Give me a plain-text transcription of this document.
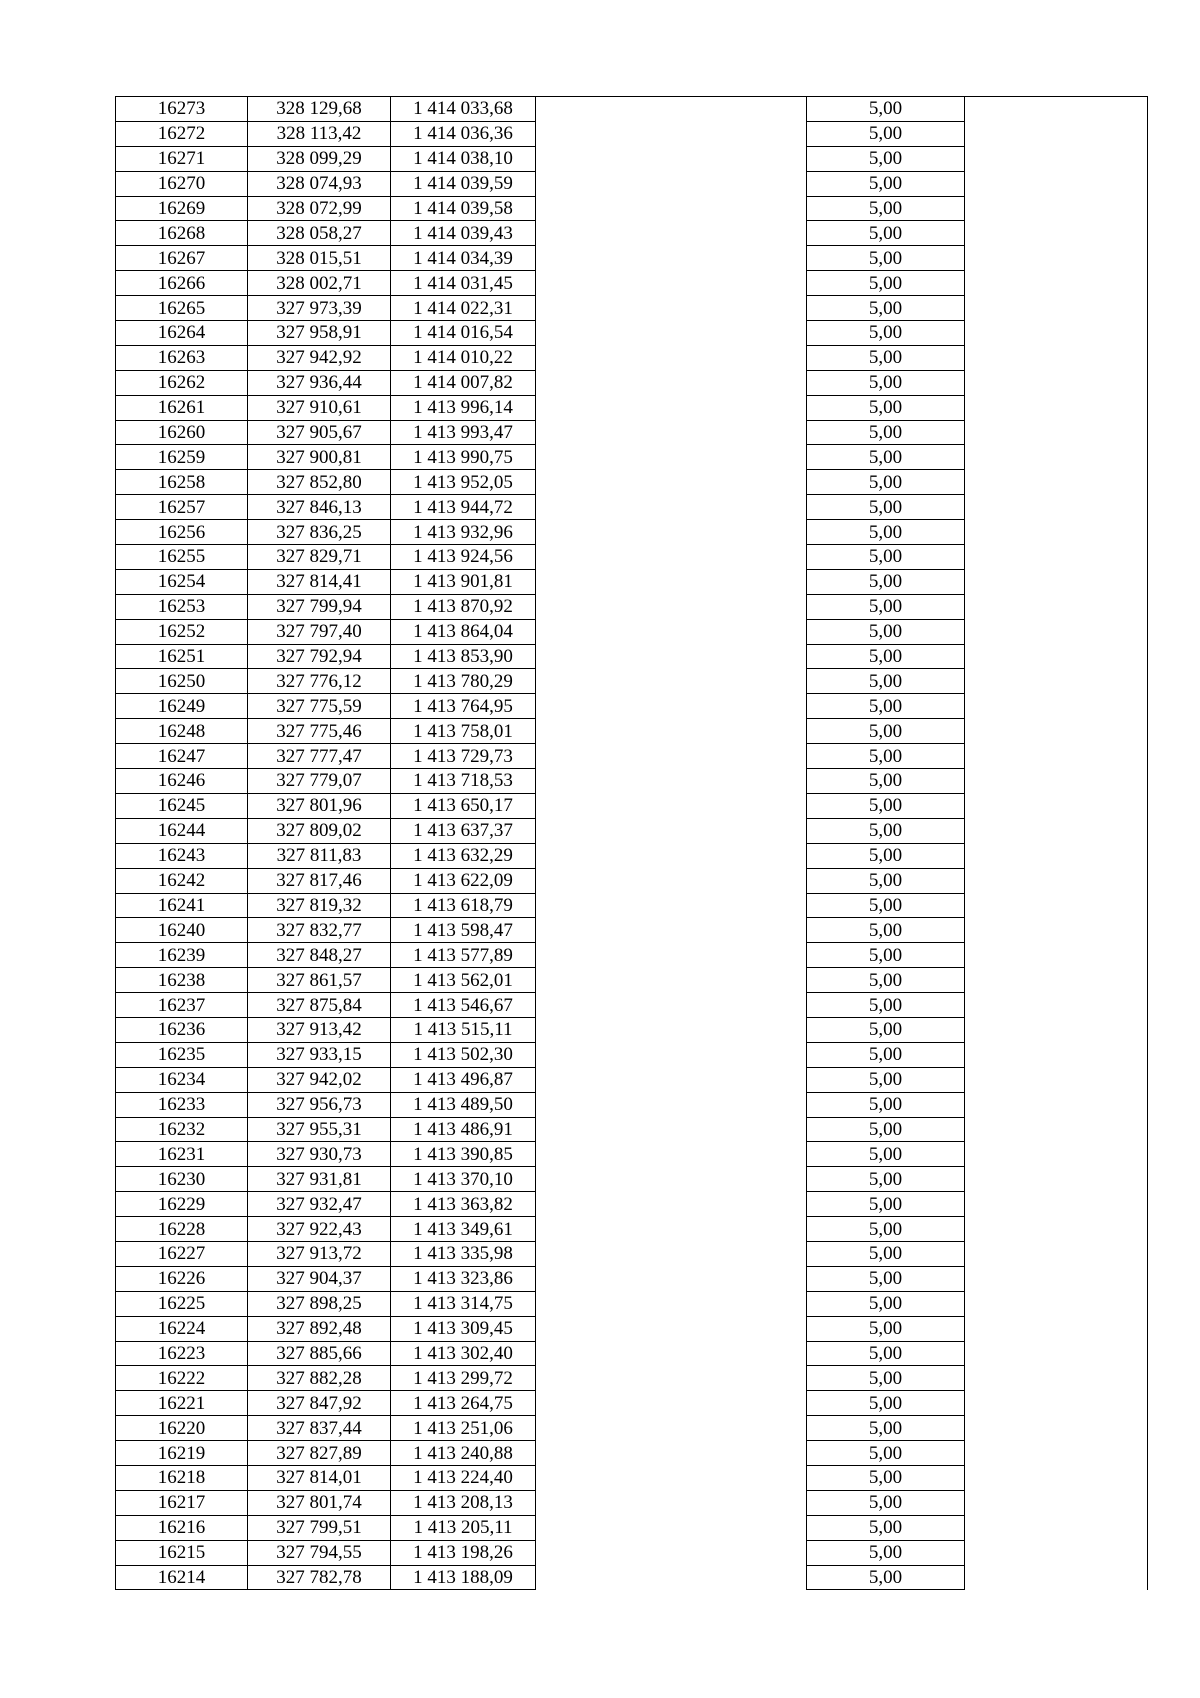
16273	328 129,68	1 414 033,68		5,00	
16272	328 113,42	1 414 036,36		5,00	
16271	328 099,29	1 414 038,10		5,00	
16270	328 074,93	1 414 039,59		5,00	
16269	328 072,99	1 414 039,58		5,00	
16268	328 058,27	1 414 039,43		5,00	
16267	328 015,51	1 414 034,39		5,00	
16266	328 002,71	1 414 031,45		5,00	
16265	327 973,39	1 414 022,31		5,00	
16264	327 958,91	1 414 016,54		5,00	
16263	327 942,92	1 414 010,22		5,00	
16262	327 936,44	1 414 007,82		5,00	
16261	327 910,61	1 413 996,14		5,00	
16260	327 905,67	1 413 993,47		5,00	
16259	327 900,81	1 413 990,75		5,00	
16258	327 852,80	1 413 952,05		5,00	
16257	327 846,13	1 413 944,72		5,00	
16256	327 836,25	1 413 932,96		5,00	
16255	327 829,71	1 413 924,56		5,00	
16254	327 814,41	1 413 901,81		5,00	
16253	327 799,94	1 413 870,92		5,00	
16252	327 797,40	1 413 864,04		5,00	
16251	327 792,94	1 413 853,90		5,00	
16250	327 776,12	1 413 780,29		5,00	
16249	327 775,59	1 413 764,95		5,00	
16248	327 775,46	1 413 758,01		5,00	
16247	327 777,47	1 413 729,73		5,00	
16246	327 779,07	1 413 718,53		5,00	
16245	327 801,96	1 413 650,17		5,00	
16244	327 809,02	1 413 637,37		5,00	
16243	327 811,83	1 413 632,29		5,00	
16242	327 817,46	1 413 622,09		5,00	
16241	327 819,32	1 413 618,79		5,00	
16240	327 832,77	1 413 598,47		5,00	
16239	327 848,27	1 413 577,89		5,00	
16238	327 861,57	1 413 562,01		5,00	
16237	327 875,84	1 413 546,67		5,00	
16236	327 913,42	1 413 515,11		5,00	
16235	327 933,15	1 413 502,30		5,00	
16234	327 942,02	1 413 496,87		5,00	
16233	327 956,73	1 413 489,50		5,00	
16232	327 955,31	1 413 486,91		5,00	
16231	327 930,73	1 413 390,85		5,00	
16230	327 931,81	1 413 370,10		5,00	
16229	327 932,47	1 413 363,82		5,00	
16228	327 922,43	1 413 349,61		5,00	
16227	327 913,72	1 413 335,98		5,00	
16226	327 904,37	1 413 323,86		5,00	
16225	327 898,25	1 413 314,75		5,00	
16224	327 892,48	1 413 309,45		5,00	
16223	327 885,66	1 413 302,40		5,00	
16222	327 882,28	1 413 299,72		5,00	
16221	327 847,92	1 413 264,75		5,00	
16220	327 837,44	1 413 251,06		5,00	
16219	327 827,89	1 413 240,88		5,00	
16218	327 814,01	1 413 224,40		5,00	
16217	327 801,74	1 413 208,13		5,00	
16216	327 799,51	1 413 205,11		5,00	
16215	327 794,55	1 413 198,26		5,00	
16214	327 782,78	1 413 188,09		5,00	
